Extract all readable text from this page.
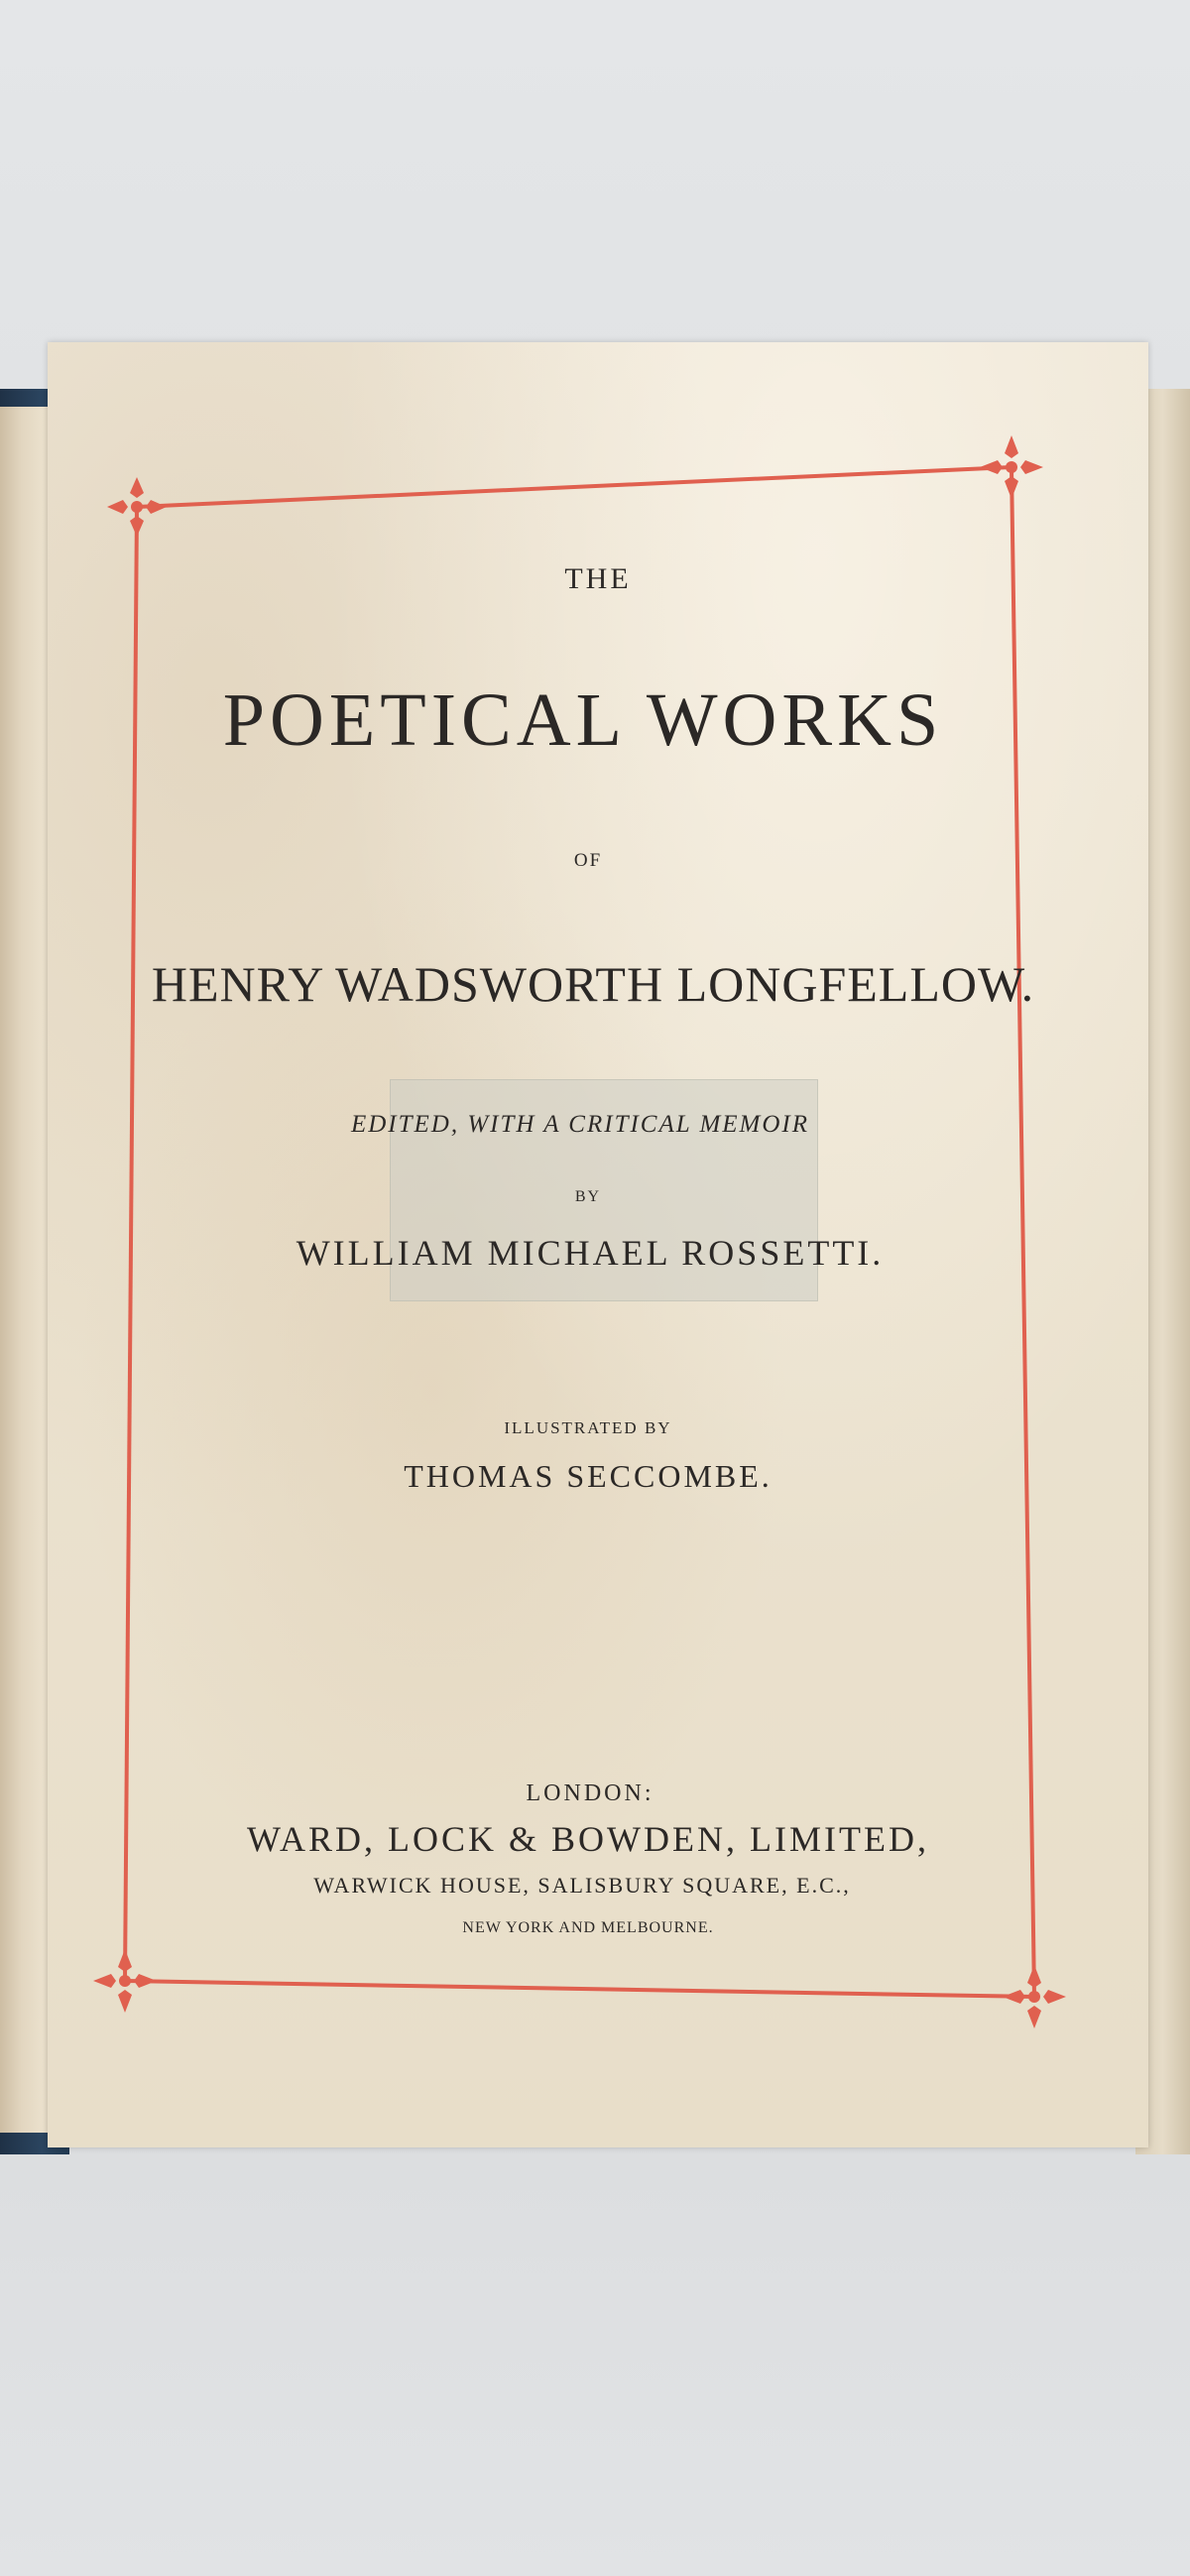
THE
POETICAL WORKS
OF
HENRY WADSWORTH LONGFELLOW.
EDITED, WITH A CRITICAL MEMOIR
BY
WILLIAM MICHAEL ROSSETTI.
ILLUSTRATED BY
THOMAS SECCOMBE.
LONDON:
WARD, LOCK & BOWDEN, LIMITED,
WARWICK HOUSE, SALISBURY SQUARE, E.C.,
NEW YORK AND MELBOURNE.
